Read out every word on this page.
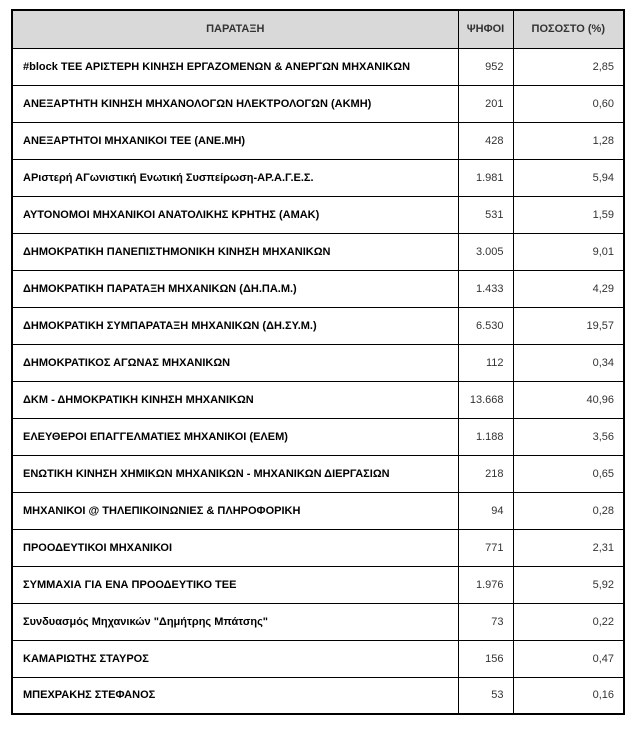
ΠΑΡΑΤΑΞΗ	ΨΗΦΟΙ	ΠΟΣΟΣΤΟ (%)
#block ΤΕΕ ΑΡΙΣΤΕΡΗ ΚΙΝΗΣΗ ΕΡΓΑΖΟΜΕΝΩΝ & ΑΝΕΡΓΩΝ ΜΗΧΑΝΙΚΩΝ	952	2,85
ΑΝΕΞΑΡΤΗΤΗ ΚΙΝΗΣΗ ΜΗΧΑΝΟΛΟΓΩΝ ΗΛΕΚΤΡΟΛΟΓΩΝ (ΑΚΜΗ)	201	0,60
ΑΝΕΞΑΡΤΗΤΟΙ ΜΗΧΑΝΙΚΟΙ ΤΕΕ (ΑΝΕ.ΜΗ)	428	1,28
ΑΡιστερή ΑΓωνιστική Ενωτική Συσπείρωση-ΑΡ.Α.Γ.Ε.Σ.	1.981	5,94
ΑΥΤΟΝΟΜΟΙ ΜΗΧΑΝΙΚΟΙ ΑΝΑΤΟΛΙΚΗΣ ΚΡΗΤΗΣ (ΑΜΑΚ)	531	1,59
ΔΗΜΟΚΡΑΤΙΚΗ ΠΑΝΕΠΙΣΤΗΜΟΝΙΚΗ ΚΙΝΗΣΗ ΜΗΧΑΝΙΚΩΝ	3.005	9,01
ΔΗΜΟΚΡΑΤΙΚΗ ΠΑΡΑΤΑΞΗ ΜΗΧΑΝΙΚΩΝ (ΔΗ.ΠΑ.Μ.)	1.433	4,29
ΔΗΜΟΚΡΑΤΙΚΗ ΣΥΜΠΑΡΑΤΑΞΗ ΜΗΧΑΝΙΚΩΝ (ΔΗ.ΣΥ.Μ.)	6.530	19,57
ΔΗΜΟΚΡΑΤΙΚΟΣ ΑΓΩΝΑΣ ΜΗΧΑΝΙΚΩΝ	112	0,34
ΔΚΜ - ΔΗΜΟΚΡΑΤΙΚΗ ΚΙΝΗΣΗ ΜΗΧΑΝΙΚΩΝ	13.668	40,96
ΕΛΕΥΘΕΡΟΙ ΕΠΑΓΓΕΛΜΑΤΙΕΣ ΜΗΧΑΝΙΚΟΙ (ΕΛΕΜ)	1.188	3,56
ΕΝΩΤΙΚΗ ΚΙΝΗΣΗ ΧΗΜΙΚΩΝ ΜΗΧΑΝΙΚΩΝ - ΜΗΧΑΝΙΚΩΝ ΔΙΕΡΓΑΣΙΩΝ	218	0,65
ΜΗΧΑΝΙΚΟΙ @ ΤΗΛΕΠΙΚΟΙΝΩΝΙΕΣ & ΠΛΗΡΟΦΟΡΙΚΗ	94	0,28
ΠΡΟΟΔΕΥΤΙΚΟΙ ΜΗΧΑΝΙΚΟΙ	771	2,31
ΣΥΜΜΑΧΙΑ ΓΙΑ ΕΝΑ ΠΡΟΟΔΕΥΤΙΚΟ ΤΕΕ	1.976	5,92
Συνδυασμός Μηχανικών "Δημήτρης Μπάτσης"	73	0,22
ΚΑΜΑΡΙΩΤΗΣ ΣΤΑΥΡΟΣ	156	0,47
ΜΠΕΧΡΑΚΗΣ ΣΤΕΦΑΝΟΣ	53	0,16
